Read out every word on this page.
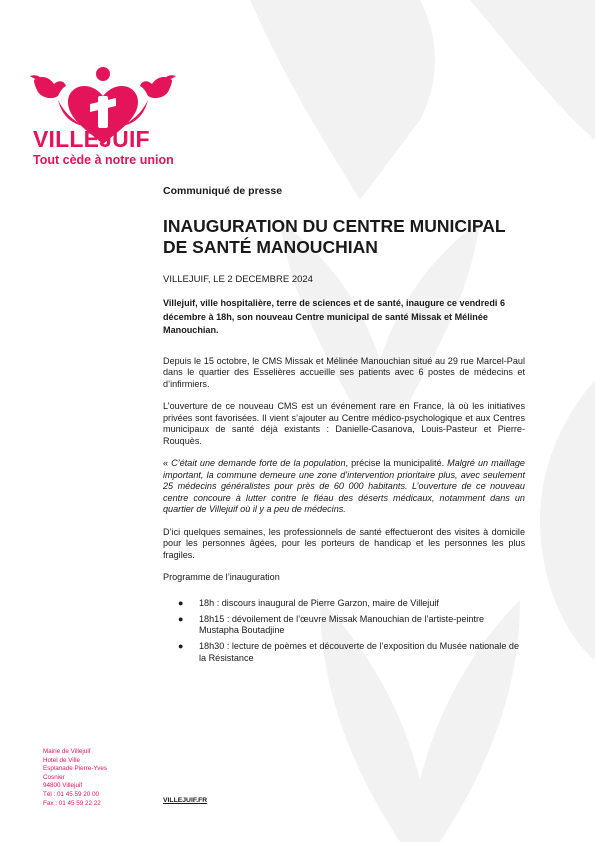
VILLEJUIF
Tout cède à notre union

Communiqué de presse

INAUGURATION DU CENTRE MUNICIPAL
DE SANTÉ MANOUCHIAN

VILLEJUIF, LE 2 DECEMBRE 2024

Villejuif, ville hospitalière, terre de sciences et de santé, inaugure ce vendredi 6 décembre à 18h, son nouveau Centre municipal de santé Missak et Mélinée Manouchian.

Depuis le 15 octobre, le CMS Missak et Mélinée Manouchian situé au 29 rue Marcel-Paul dans le quartier des Esselières accueille ses patients avec 6 postes de médecins et d’infirmiers.

L’ouverture de ce nouveau CMS est un événement rare en France, là où les initiatives privées sont favorisées. Il vient s’ajouter au Centre médico-psychologique et aux Centres municipaux de santé déjà existants : Danielle-Casanova, Louis-Pasteur et Pierre-Rouquès.

« C’était une demande forte de la population, précise la municipalité. Malgré un maillage important, la commune demeure une zone d’intervention prioritaire plus, avec seulement 25 médecins généralistes pour près de 60 000 habitants. L’ouverture de ce nouveau centre concoure à lutter contre le fléau des déserts médicaux, notamment dans un quartier de Villejuif où il y a peu de médecins.

D’ici quelques semaines, les professionnels de santé effectueront des visites à domicile pour les personnes âgées, pour les porteurs de handicap et les personnes les plus fragiles.

Programme de l’inauguration

● 18h : discours inaugural de Pierre Garzon, maire de Villejuif
● 18h15 : dévoilement de l’œuvre Missak Manouchian de l’artiste-peintre Mustapha Boutadjine
● 18h30 : lecture de poèmes et découverte de l’exposition du Musée nationale de la Résistance
Mairie de Villejuif
Hotel de Ville
Esplanade Pierre-Yves
Cosnier
94800 Villejuif
Tél : 01 45 59 20 00
Fax : 01 45 59 22 22	VILLEJUIF.FR
